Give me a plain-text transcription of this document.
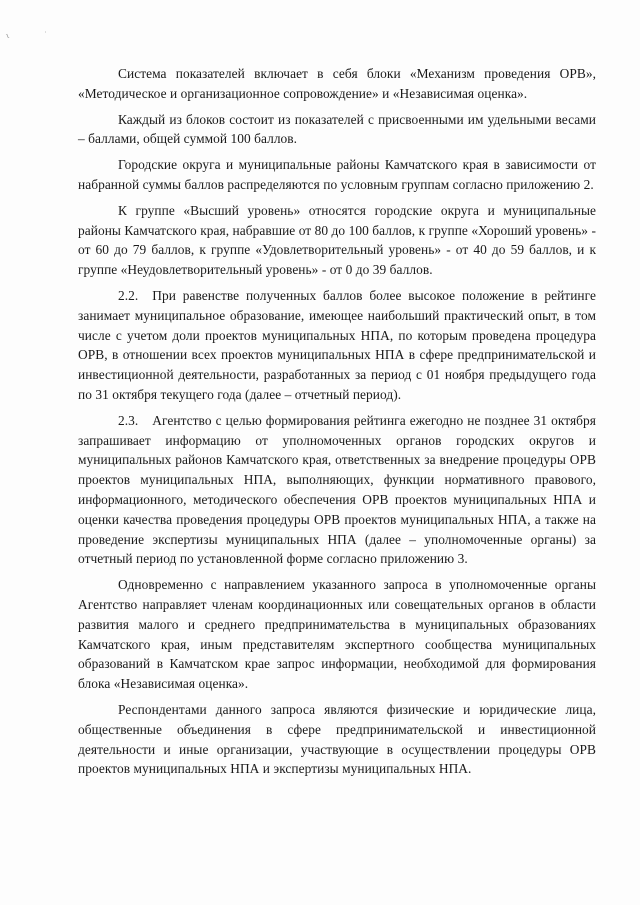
ι	ʿ

Система показателей включает в себя блоки «Механизм проведения ОРВ», «Методическое и организационное сопровождение» и «Независимая оценка».

Каждый из блоков состоит из показателей с присвоенными им удельными весами – баллами, общей суммой 100 баллов.

Городские округа и муниципальные районы Камчатского края в зависимости от набранной суммы баллов распределяются по условным группам согласно приложению 2.

К группе «Высший уровень» относятся городские округа и муниципальные районы Камчатского края, набравшие от 80 до 100 баллов, к группе «Хороший уровень» - от 60 до 79 баллов, к группе «Удовлетворительный уровень» - от 40 до 59 баллов, и к группе «Неудовлетворительный уровень» - от 0 до 39 баллов.

2.2. При равенстве полученных баллов более высокое положение в рейтинге занимает муниципальное образование, имеющее наибольший практический опыт, в том числе с учетом доли проектов муниципальных НПА, по которым проведена процедура ОРВ, в отношении всех проектов муниципальных НПА в сфере предпринимательской и инвестиционной деятельности, разработанных за период с 01 ноября предыдущего года по 31 октября текущего года (далее – отчетный период).

2.3. Агентство с целью формирования рейтинга ежегодно не позднее 31 октября запрашивает информацию от уполномоченных органов городских округов и муниципальных районов Камчатского края, ответственных за внедрение процедуры ОРВ проектов муниципальных НПА, выполняющих, функции нормативного правового, информационного, методического обеспечения ОРВ проектов муниципальных НПА и оценки качества проведения процедуры ОРВ проектов муниципальных НПА, а также на проведение экспертизы муниципальных НПА (далее – уполномоченные органы) за отчетный период по установленной форме согласно приложению 3.

Одновременно с направлением указанного запроса в уполномоченные органы Агентство направляет членам координационных или совещательных органов в области развития малого и среднего предпринимательства в муниципальных образованиях Камчатского края, иным представителям экспертного сообщества муниципальных образований в Камчатском крае запрос информации, необходимой для формирования блока «Независимая оценка».

Респондентами данного запроса являются физические и юридические лица, общественные объединения в сфере предпринимательской и инвестиционной деятельности и иные организации, участвующие в осуществлении процедуры ОРВ проектов муниципальных НПА и экспертизы муниципальных НПА.
